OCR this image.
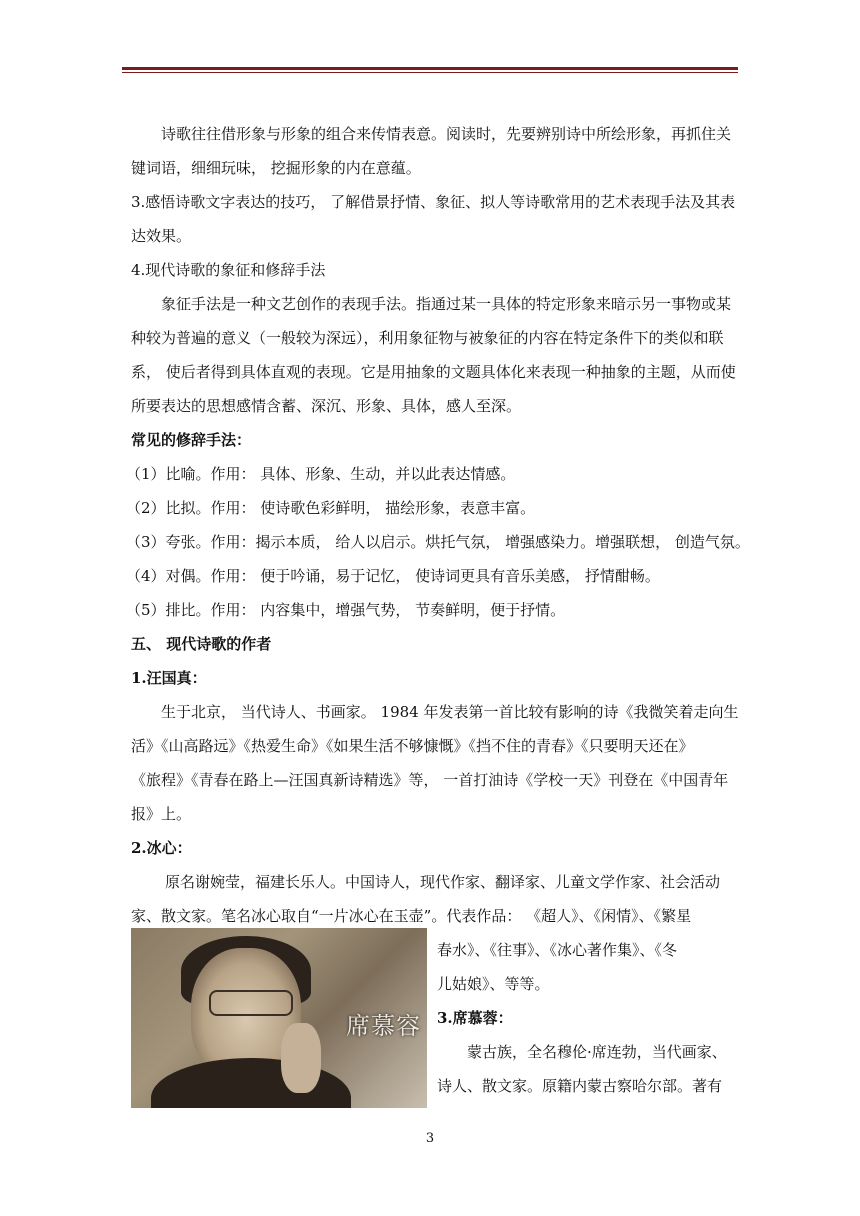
诗歌往往借形象与形象的组合来传情表意。阅读时，先要辨别诗中所绘形象，再抓住关

键词语，细细玩味， 挖掘形象的内在意蕴。

3.感悟诗歌文字表达的技巧， 了解借景抒情、象征、拟人等诗歌常用的艺术表现手法及其表

达效果。

4.现代诗歌的象征和修辞手法

象征手法是一种文艺创作的表现手法。指通过某一具体的特定形象来暗示另一事物或某

种较为普遍的意义（一般较为深远），利用象征物与被象征的内容在特定条件下的类似和联

系， 使后者得到具体直观的表现。它是用抽象的文题具体化来表现一种抽象的主题，从而使

所要表达的思想感情含蓄、深沉、形象、具体，感人至深。

常见的修辞手法：

（1）比喻。作用： 具体、形象、生动，并以此表达情感。

（2）比拟。作用： 使诗歌色彩鲜明， 描绘形象，表意丰富。

（3）夸张。作用：揭示本质， 给人以启示。烘托气氛， 增强感染力。增强联想， 创造气氛。

（4）对偶。作用： 便于吟诵，易于记忆， 使诗词更具有音乐美感， 抒情酣畅。

（5）排比。作用： 内容集中，增强气势， 节奏鲜明，便于抒情。

五、 现代诗歌的作者

1.汪国真：

生于北京， 当代诗人、书画家。 1984 年发表第一首比较有影响的诗《我微笑着走向生

活》《山高路远》《热爱生命》《如果生活不够慷慨》《挡不住的青春》《只要明天还在》

《旅程》《青春在路上—汪国真新诗精选》等， 一首打油诗《学校一天》刊登在《中国青年

报》上。

2.冰心：

原名谢婉莹，福建长乐人。中国诗人，现代作家、翻译家、儿童文学作家、社会活动

家、散文家。笔名冰心取自“一片冰心在玉壶”。代表作品： 《超人》、《闲情》、《繁星

席慕容

春水》、《往事》、《冰心著作集》、《冬

儿姑娘》、等等。

3.席慕蓉：

蒙古族，全名穆伦·席连勃，当代画家、

诗人、散文家。原籍内蒙古察哈尔部。著有

3
